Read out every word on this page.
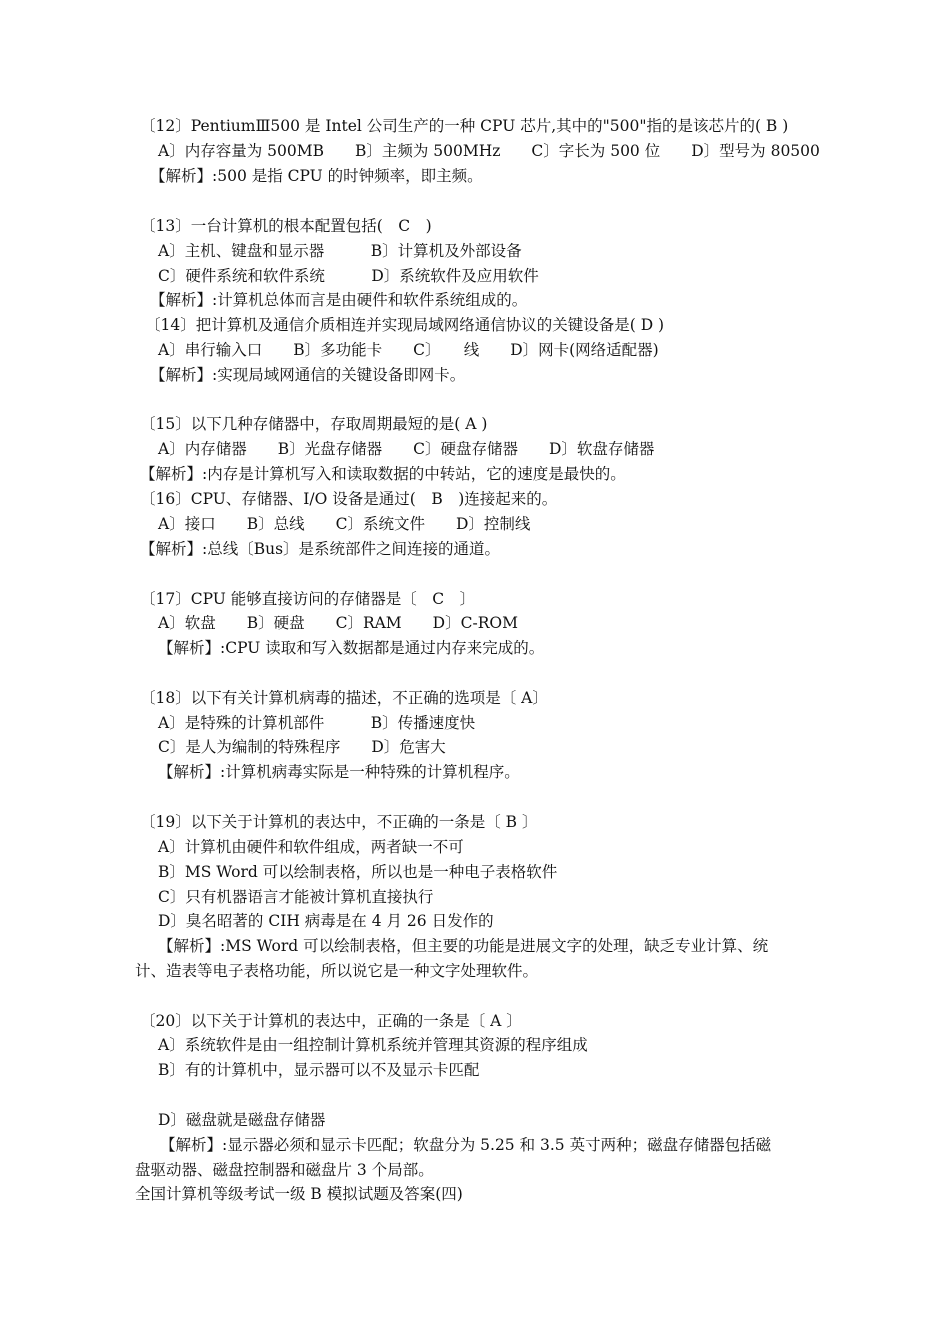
〔12〕PentiumⅢ500 是 Intel 公司生产的一种 CPU 芯片,其中的"500"指的是该芯片的( B )
A〕内存容量为 500MB　　B〕主频为 500MHz　　C〕字长为 500 位　　D〕型号为 80500
【解析】:500 是指 CPU 的时钟频率，即主频。
〔13〕一台计算机的根本配置包括(　C　)
A〕主机、键盘和显示器　　　B〕计算机及外部设备
C〕硬件系统和软件系统　　　D〕系统软件及应用软件
【解析】:计算机总体而言是由硬件和软件系统组成的。
〔14〕把计算机及通信介质相连并实现局域网络通信协议的关键设备是( D )
A〕串行输入口　　B〕多功能卡　　C〕　　线　　D〕网卡(网络适配器)
【解析】:实现局域网通信的关键设备即网卡。
〔15〕以下几种存储器中，存取周期最短的是( A )
A〕内存储器　　B〕光盘存储器　　C〕硬盘存储器　　D〕软盘存储器
【解析】:内存是计算机写入和读取数据的中转站，它的速度是最快的。
〔16〕CPU、存储器、I/O 设备是通过(　B　)连接起来的。
A〕接口　　B〕总线　　C〕系统文件　　D〕控制线
【解析】:总线〔Bus〕是系统部件之间连接的通道。
〔17〕CPU 能够直接访问的存储器是〔　C　〕
A〕软盘　　B〕硬盘　　C〕RAM　　D〕C-ROM
【解析】:CPU 读取和写入数据都是通过内存来完成的。
〔18〕以下有关计算机病毒的描述，不正确的选项是〔 A〕
A〕是特殊的计算机部件　　　B〕传播速度快
C〕是人为编制的特殊程序　　D〕危害大
【解析】:计算机病毒实际是一种特殊的计算机程序。
〔19〕以下关于计算机的表达中，不正确的一条是〔 B 〕
A〕计算机由硬件和软件组成，两者缺一不可
B〕MS Word 可以绘制表格，所以也是一种电子表格软件
C〕只有机器语言才能被计算机直接执行
D〕臭名昭著的 CIH 病毒是在 4 月 26 日发作的
【解析】:MS Word 可以绘制表格，但主要的功能是进展文字的处理，缺乏专业计算、统
计、造表等电子表格功能，所以说它是一种文字处理软件。
〔20〕以下关于计算机的表达中，正确的一条是〔 A 〕
A〕系统软件是由一组控制计算机系统并管理其资源的程序组成
B〕有的计算机中，显示器可以不及显示卡匹配
D〕磁盘就是磁盘存储器
【解析】:显示器必须和显示卡匹配；软盘分为 5.25 和 3.5 英寸两种；磁盘存储器包括磁
盘驱动器、磁盘控制器和磁盘片 3 个局部。
全国计算机等级考试一级 B 模拟试题及答案(四)
